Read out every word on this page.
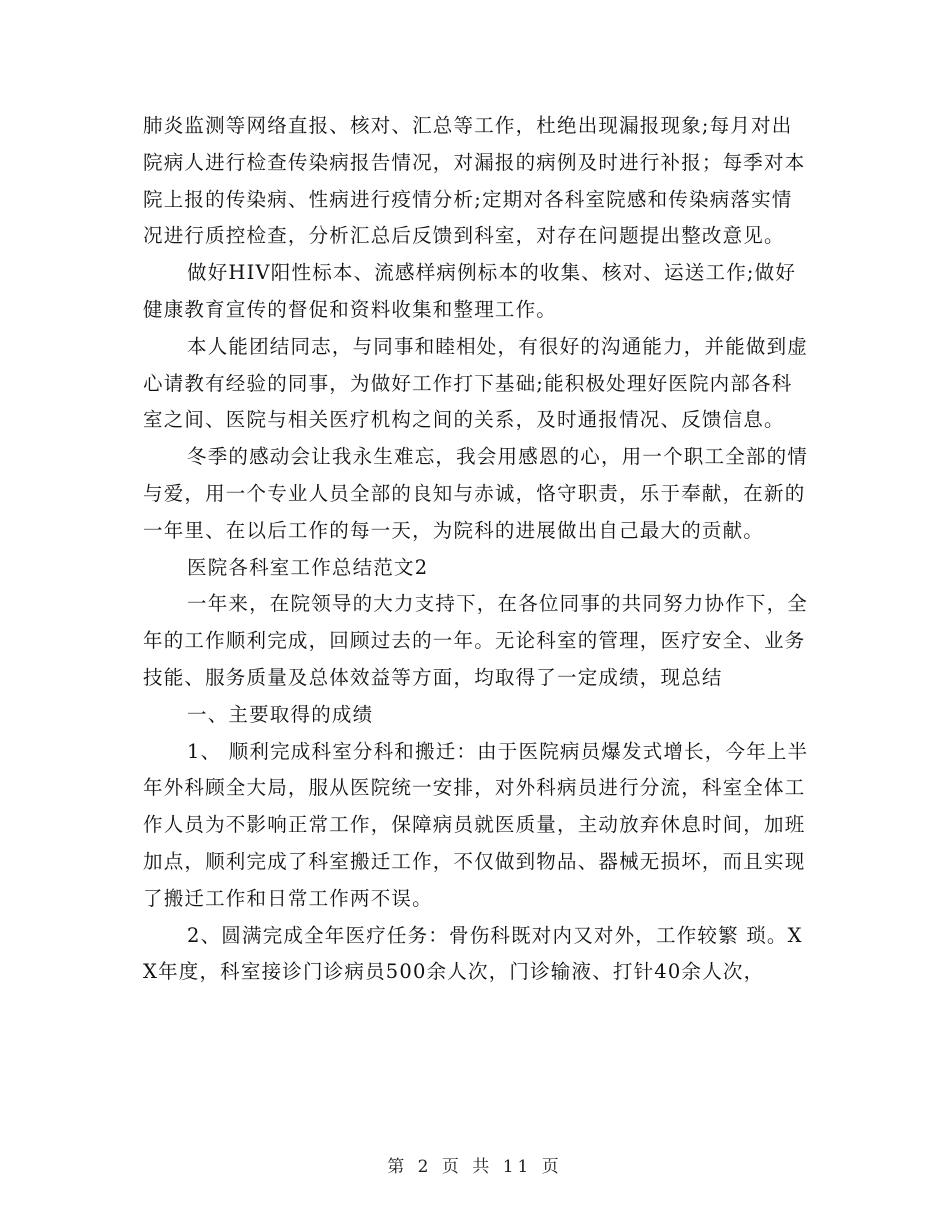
肺炎监测等网络直报、核对、汇总等工作，杜绝出现漏报现象;每月对出院病人进行检查传染病报告情况，对漏报的病例及时进行补报；每季对本院上报的传染病、性病进行疫情分析;定期对各科室院感和传染病落实情况进行质控检查，分析汇总后反馈到科室，对存在问题提出整改意见。

做好HIV阳性标本、流感样病例标本的收集、核对、运送工作;做好健康教育宣传的督促和资料收集和整理工作。

本人能团结同志，与同事和睦相处，有很好的沟通能力，并能做到虚心请教有经验的同事，为做好工作打下基础;能积极处理好医院内部各科室之间、医院与相关医疗机构之间的关系，及时通报情况、反馈信息。

冬季的感动会让我永生难忘，我会用感恩的心，用一个职工全部的情与爱，用一个专业人员全部的良知与赤诚，恪守职责，乐于奉献，在新的一年里、在以后工作的每一天，为院科的进展做出自己最大的贡献。

医院各科室工作总结范文2

一年来，在院领导的大力支持下，在各位同事的共同努力协作下，全年的工作顺利完成，回顾过去的一年。无论科室的管理，医疗安全、业务技能、服务质量及总体效益等方面，均取得了一定成绩，现总结

一、主要取得的成绩

1、 顺利完成科室分科和搬迁：由于医院病员爆发式增长，今年上半年外科顾全大局，服从医院统一安排，对外科病员进行分流，科室全体工作人员为不影响正常工作，保障病员就医质量，主动放弃休息时间，加班加点，顺利完成了科室搬迁工作，不仅做到物品、器械无损坏，而且实现了搬迁工作和日常工作两不误。

2、圆满完成全年医疗任务：骨伤科既对内又对外，工作较繁 琐。XX年度，科室接诊门诊病员500余人次，门诊输液、打针40余人次，

第 2 页 共 11 页
